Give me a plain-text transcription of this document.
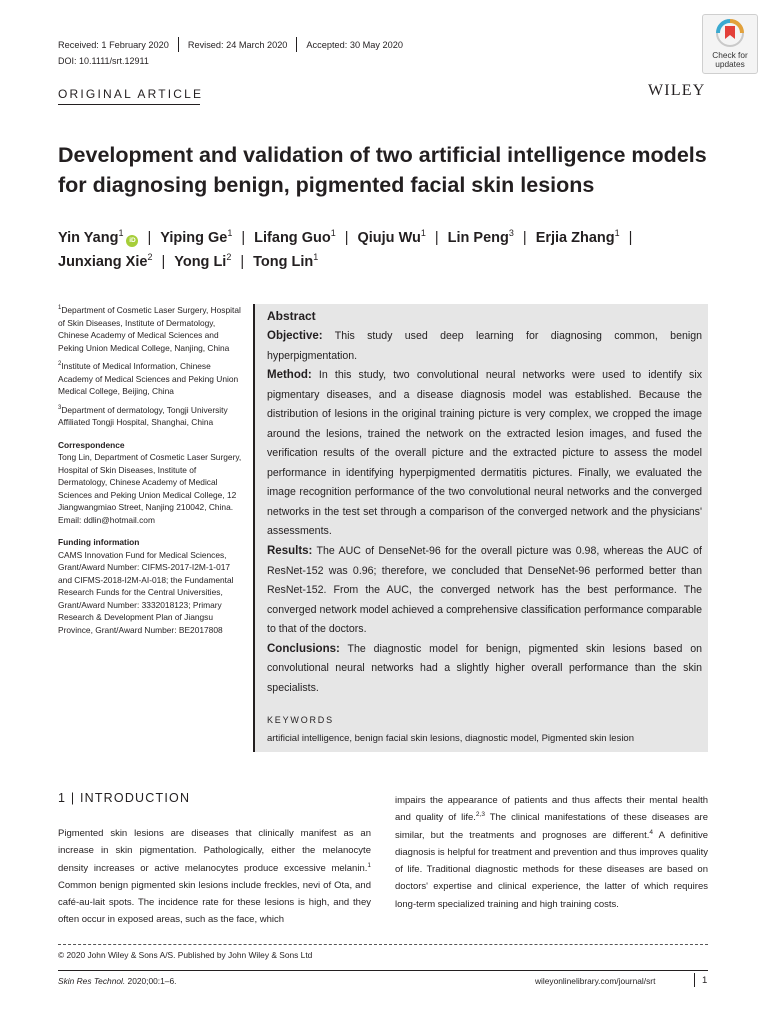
Received: 1 February 2020 Revised: 24 March 2020 Accepted: 30 May 2020
DOI: 10.1111/srt.12911
ORIGINAL ARTICLE	WILEY
Check for
updates
Development and validation of two artificial intelligence models for diagnosing benign, pigmented facial skin lesions
Yin Yang$^1$iD | Yiping Ge$^1$ | Lifang Guo$^1$ | Qiuju Wu$^1$ | Lin Peng$^3$ | Erjia Zhang$^1$ |
Junxiang Xie$^2$ | Yong Li$^2$ | Tong Lin$^1$

$^1$Department of Cosmetic Laser Surgery, Hospital of Skin Diseases, Institute of Dermatology, Chinese Academy of Medical Sciences and Peking Union Medical College, Nanjing, China

$^2$Institute of Medical Information, Chinese Academy of Medical Sciences and Peking Union Medical College, Beijing, China

$^3$Department of dermatology, Tongji University Affiliated Tongji Hospital, Shanghai, China

Correspondence

Tong Lin, Department of Cosmetic Laser Surgery, Hospital of Skin Diseases, Institute of Dermatology, Chinese Academy of Medical Sciences and Peking Union Medical College, 12 Jiangwangmiao Street, Nanjing 210042, China.
Email: ddlin@hotmail.com

Funding information

CAMS Innovation Fund for Medical Sciences, Grant/Award Number: CIFMS-2017-I2M-1-017 and CIFMS-2018-I2M-AI-018; the Fundamental Research Funds for the Central Universities, Grant/Award Number: 3332018123; Primary Research & Development Plan of Jiangsu Province, Grant/Award Number: BE2017808

Abstract

Objective: This study used deep learning for diagnosing common, benign hyperpigmentation.

Method: In this study, two convolutional neural networks were used to identify six pigmentary diseases, and a disease diagnosis model was established. Because the distribution of lesions in the original training picture is very complex, we cropped the image around the lesions, trained the network on the extracted lesion images, and fused the verification results of the overall picture and the extracted picture to assess the model performance in identifying hyperpigmented dermatitis pictures. Finally, we evaluated the image recognition performance of the two convolutional neural networks and the converged networks in the test set through a comparison of the converged network and the physicians' assessments.

Results: The AUC of DenseNet-96 for the overall picture was 0.98, whereas the AUC of ResNet-152 was 0.96; therefore, we concluded that DenseNet-96 performed better than ResNet-152. From the AUC, the converged network has the best performance. The converged network model achieved a comprehensive classification performance comparable to that of the doctors.

Conclusions: The diagnostic model for benign, pigmented skin lesions based on convolutional neural networks had a slightly higher overall performance than the skin specialists.

KEYWORDS
artificial intelligence, benign facial skin lesions, diagnostic model, Pigmented skin lesion
1 | INTRODUCTION
Pigmented skin lesions are diseases that clinically manifest as an increase in skin pigmentation. Pathologically, either the melanocyte density increases or active melanocytes produce excessive melanin.$^1$ Common benign pigmented skin lesions include freckles, nevi of Ota, and café-au-lait spots. The incidence rate for these lesions is high, and they often occur in exposed areas, such as the face, which
impairs the appearance of patients and thus affects their mental health and quality of life.$^{2,3}$ The clinical manifestations of these diseases are similar, but the treatments and prognoses are different.$^4$ A definitive diagnosis is helpful for treatment and prevention and thus improves quality of life. Traditional diagnostic methods for these diseases are based on doctors' expertise and clinical experience, the latter of which requires long-term specialized training and high training costs.
© 2020 John Wiley & Sons A/S. Published by John Wiley & Sons Ltd
Skin Res Technol. 2020;00:1–6.	wileyonlinelibrary.com/journal/srt	1
